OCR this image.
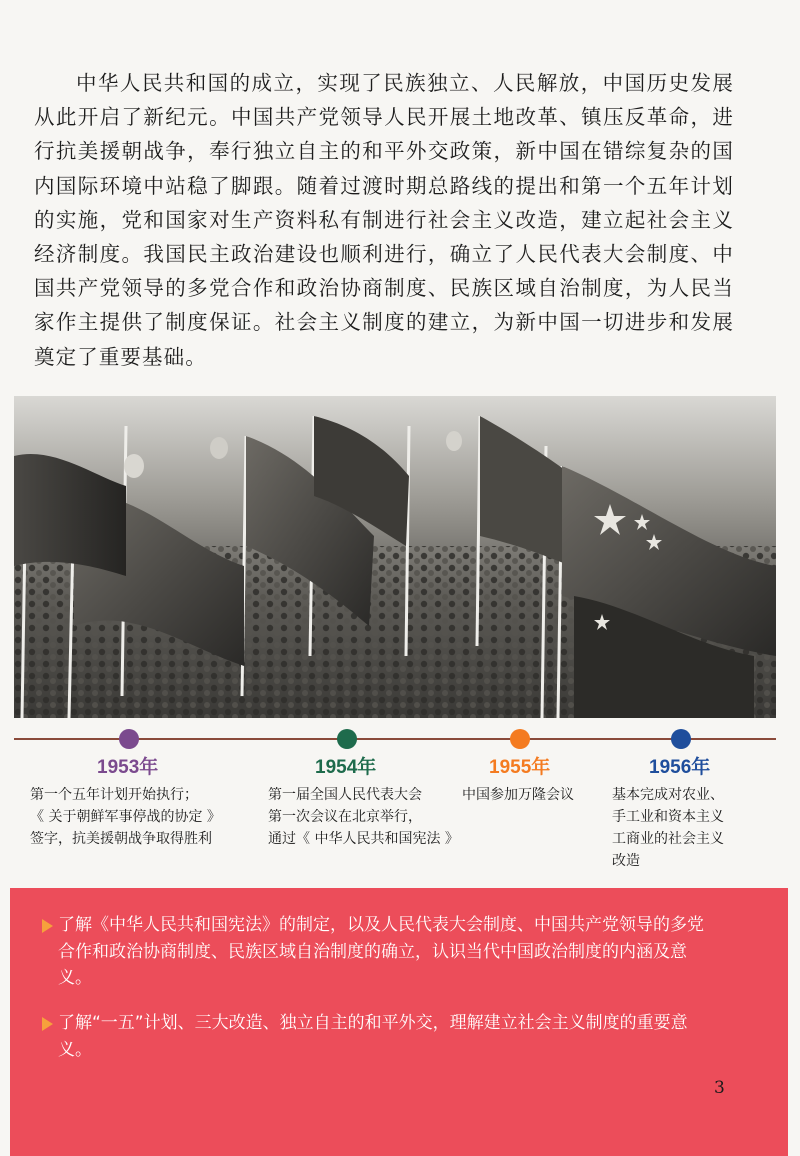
中华人民共和国的成立，实现了民族独立、人民解放，中国历史发展从此开启了新纪元。中国共产党领导人民开展土地改革、镇压反革命，进行抗美援朝战争，奉行独立自主的和平外交政策，新中国在错综复杂的国内国际环境中站稳了脚跟。随着过渡时期总路线的提出和第一个五年计划的实施，党和国家对生产资料私有制进行社会主义改造，建立起社会主义经济制度。我国民主政治建设也顺利进行，确立了人民代表大会制度、中国共产党领导的多党合作和政治协商制度、民族区域自治制度，为人民当家作主提供了制度保证。社会主义制度的建立，为新中国一切进步和发展奠定了重要基础。

1953年
第一个五年计划开始执行；
《 关于朝鲜军事停战的协定 》
签字，抗美援朝战争取得胜利
1954年
第一届全国人民代表大会
第一次会议在北京举行，
通过《 中华人民共和国宪法 》
1955年
中国参加万隆会议
1956年
基本完成对农业、
手工业和资本主义
工商业的社会主义
改造
了解《中华人民共和国宪法》的制定，以及人民代表大会制度、中国共产党领导的多党合作和政治协商制度、民族区域自治制度的确立，认识当代中国政治制度的内涵及意义。
了解“一五”计划、三大改造、独立自主的和平外交，理解建立社会主义制度的重要意义。
3
